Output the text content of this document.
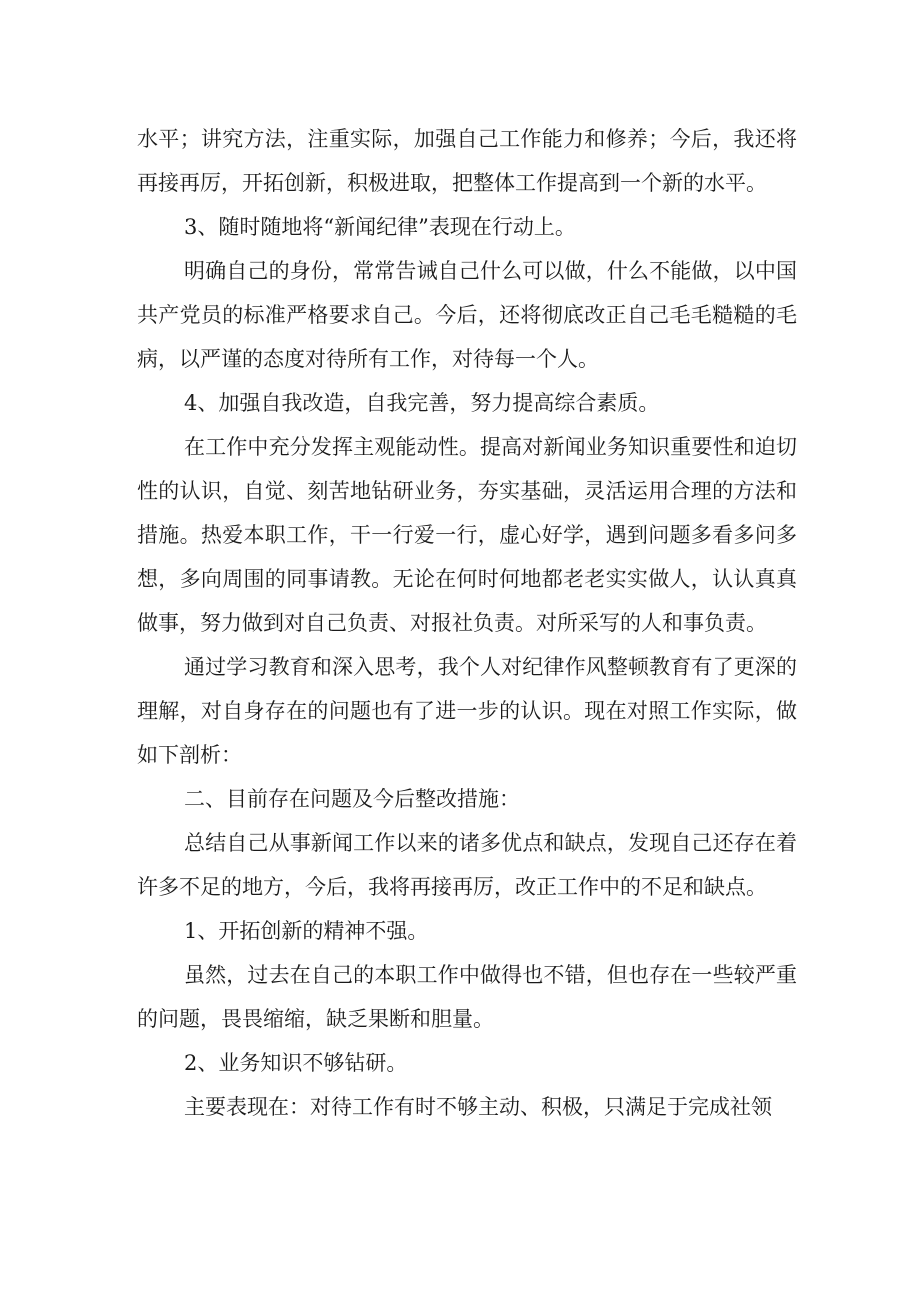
水平；讲究方法，注重实际，加强自己工作能力和修养；今后，我还将再接再厉，开拓创新，积极进取，把整体工作提高到一个新的水平。

3、随时随地将“新闻纪律”表现在行动上。

明确自己的身份，常常告诫自己什么可以做，什么不能做，以中国共产党员的标准严格要求自己。今后，还将彻底改正自己毛毛糙糙的毛病，以严谨的态度对待所有工作，对待每一个人。

4、加强自我改造，自我完善，努力提高综合素质。

在工作中充分发挥主观能动性。提高对新闻业务知识重要性和迫切性的认识，自觉、刻苦地钻研业务，夯实基础，灵活运用合理的方法和措施。热爱本职工作，干一行爱一行，虚心好学，遇到问题多看多问多想，多向周围的同事请教。无论在何时何地都老老实实做人，认认真真做事，努力做到对自己负责、对报社负责。对所采写的人和事负责。

通过学习教育和深入思考，我个人对纪律作风整顿教育有了更深的理解，对自身存在的问题也有了进一步的认识。现在对照工作实际，做如下剖析：

二、目前存在问题及今后整改措施：

总结自己从事新闻工作以来的诸多优点和缺点，发现自己还存在着许多不足的地方，今后，我将再接再厉，改正工作中的不足和缺点。

1、开拓创新的精神不强。

虽然，过去在自己的本职工作中做得也不错，但也存在一些较严重的问题，畏畏缩缩，缺乏果断和胆量。

2、业务知识不够钻研。

主要表现在：对待工作有时不够主动、积极，只满足于完成社领
